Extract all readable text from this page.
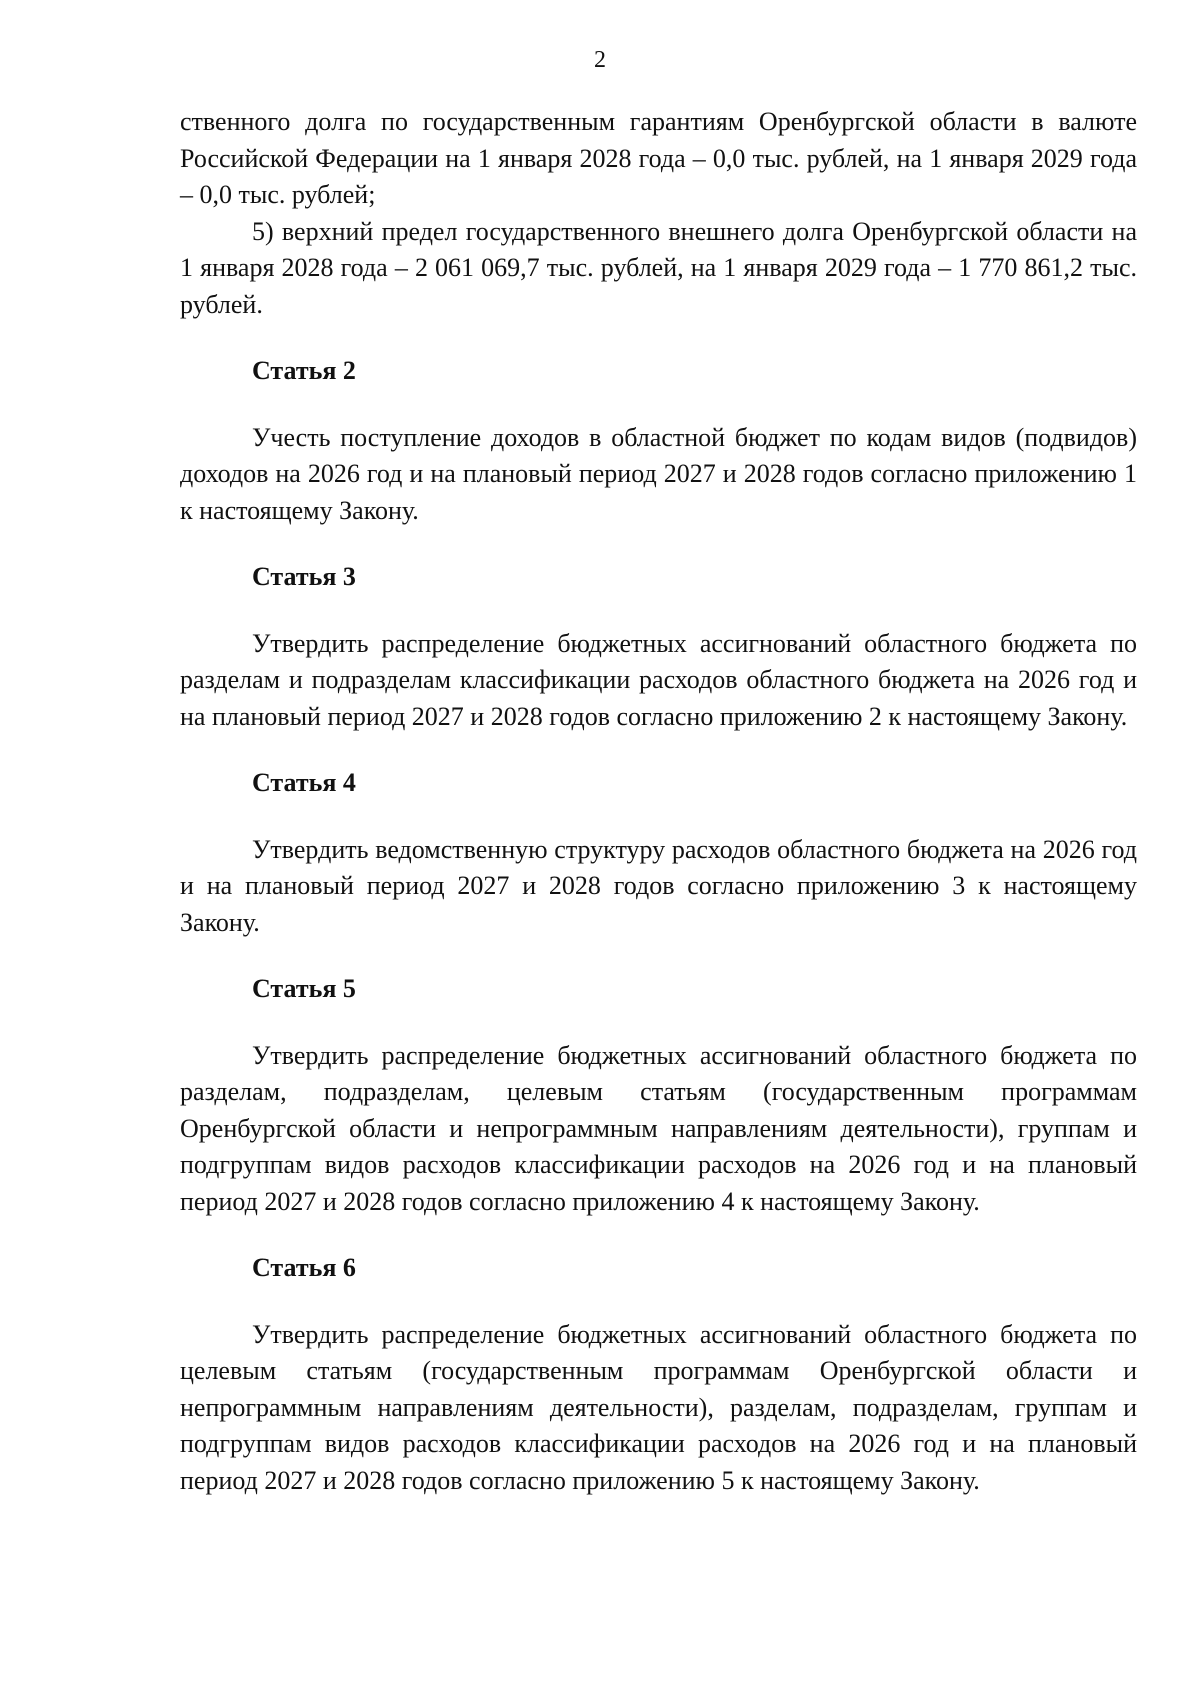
2

ственного долга по государственным гарантиям Оренбургской области в валюте Российской Федерации на 1 января 2028 года – 0,0 тыс. рублей, на 1 января 2029 года – 0,0 тыс. рублей;

5) верхний предел государственного внешнего долга Оренбургской области на 1 января 2028 года – 2 061 069,7 тыс. рублей, на 1 января 2029 года – 1 770 861,2 тыс. рублей.

Статья 2

Учесть поступление доходов в областной бюджет по кодам видов (подвидов) доходов на 2026 год и на плановый период 2027 и 2028 годов согласно приложению 1 к настоящему Закону.

Статья 3

Утвердить распределение бюджетных ассигнований областного бюджета по разделам и подразделам классификации расходов областного бюджета на 2026 год и на плановый период 2027 и 2028 годов согласно приложению 2 к настоящему Закону.

Статья 4

Утвердить ведомственную структуру расходов областного бюджета на 2026 год и на плановый период 2027 и 2028 годов согласно приложению 3 к настоящему Закону.

Статья 5

Утвердить распределение бюджетных ассигнований областного бюджета по разделам, подразделам, целевым статьям (государственным программам Оренбургской области и непрограммным направлениям деятельности), группам и подгруппам видов расходов классификации расходов на 2026 год и на плановый период 2027 и 2028 годов согласно приложению 4 к настоящему Закону.

Статья 6

Утвердить распределение бюджетных ассигнований областного бюджета по целевым статьям (государственным программам Оренбургской области и непрограммным направлениям деятельности), разделам, подразделам, группам и подгруппам видов расходов классификации расходов на 2026 год и на плановый период 2027 и 2028 годов согласно приложению 5 к настоящему Закону.
